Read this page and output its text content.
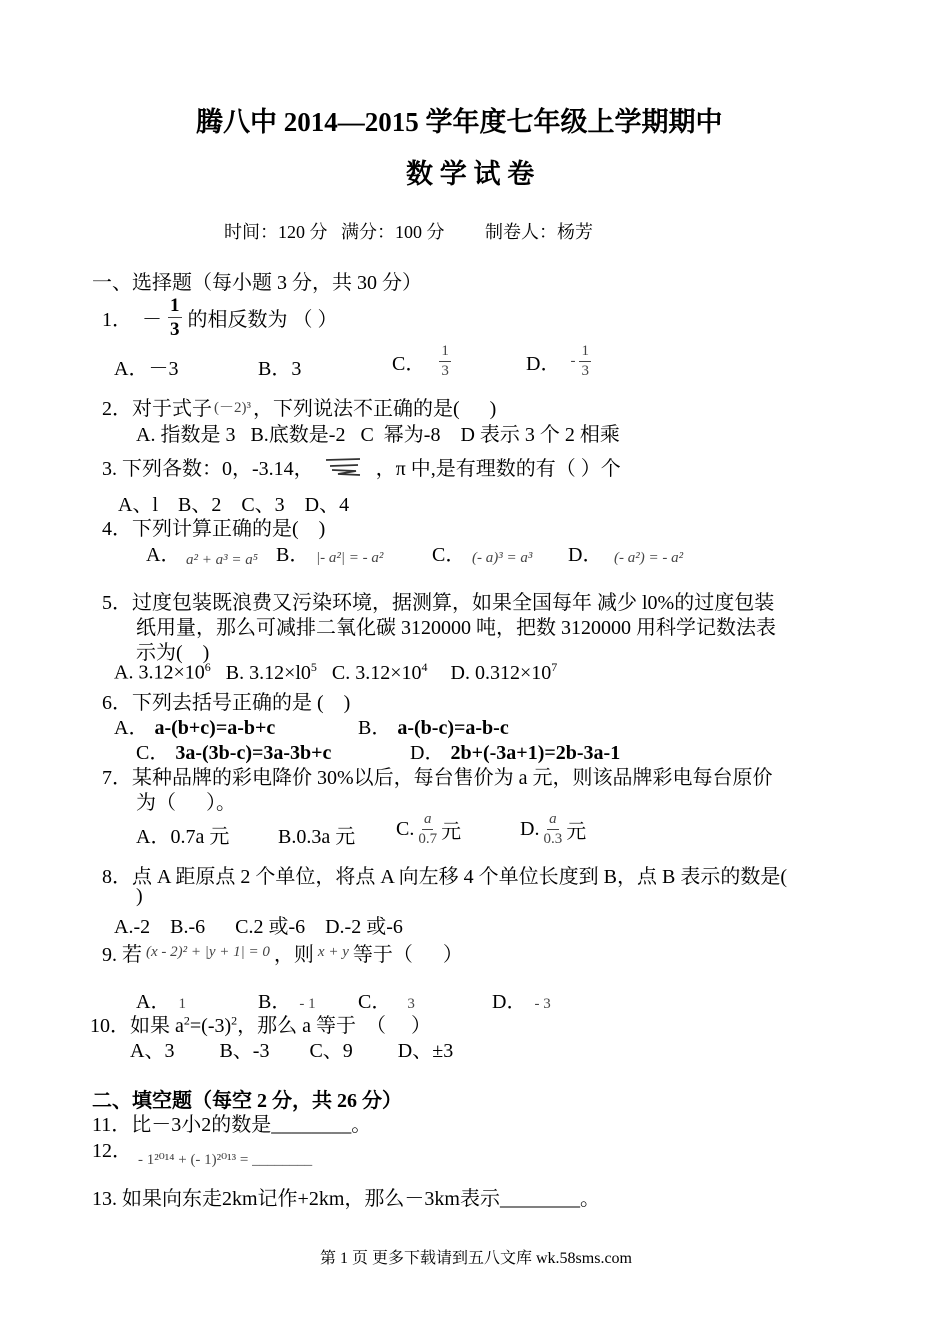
腾八中 2014—2015 学年度七年级上学期期中
数 学 试 卷
时间：120 分   满分：100 分         制卷人：杨芳
一、选择题（每小题 3 分，共 30 分）
1．  － $\frac{1}{3}$ 的相反数为 （ ）
A．－3	B．3	C． $\frac{1}{3}$	D． - $\frac{1}{3}$
2．对于式子 (－2)³ ，下列说法不正确的是(      )
A. 指数是 3   B.底数是-2   C  幂为-8    D 表示 3 个 2 相乘
3. 下列各数：0，-3.14，	，π 中,是有理数的有（ ）个
A、l    B、2    C、3    D、4
4．下列计算正确的是(    )
A． a² + a³ = a⁵ B． |- a²| = - a² C． (- a)³ = a³ D． (- a²) = - a²
5．过度包装既浪费又污染环境，据测算，如果全国每年 减少 l0%的过度包装
纸用量，那么可减排二氧化碳 3120000 吨，把数 3120000 用科学记数法表
示为(    )
A. $3.12\times 10^6$ B. $3.12\times l0^5$ C. $3.12\times 10^4$ D. $0.312\times 10^7$
6．下列去括号正确的是 (    )
A． a-(b+c)=a-b+c	B． a-(b-c)=a-b-c
C． 3a-(3b-c)=3a-3b+c	D． 2b+(-3a+1)=2b-3a-1
7．某种品牌的彩电降价 30%以后，每台售价为 a 元，则该品牌彩电每台原价
为（      ）。
A．0.7a 元 B.0.3a 元 C. $\frac{a}{0.7}$ 元	D. $\frac{a}{0.3}$ 元
8．点 A 距原点 2 个单位，将点 A 向左移 4 个单位长度到 B，点 B 表示的数是(
)
A.-2    B.-6      C.2 或-6    D.-2 或-6
9. 若 (x - 2)² + |y + 1| = 0 ，则 x + y 等于（      ）
A． 1	B． - 1 C． 3	D． - 3
10．如果 $a^2=(-3)^2$，那么 a 等于  （     ）
A、3         B、-3        C、9         D、±3
二、填空题（每空 2 分，共 26 分）
11．比－3小2的数是________。
12． - 1²⁰¹⁴ + (- 1)²⁰¹³ = ________
13. 如果向东走2km记作+2km，那么－3km表示________。
第 1 页 更多下载请到五八文库 wk.58sms.com
